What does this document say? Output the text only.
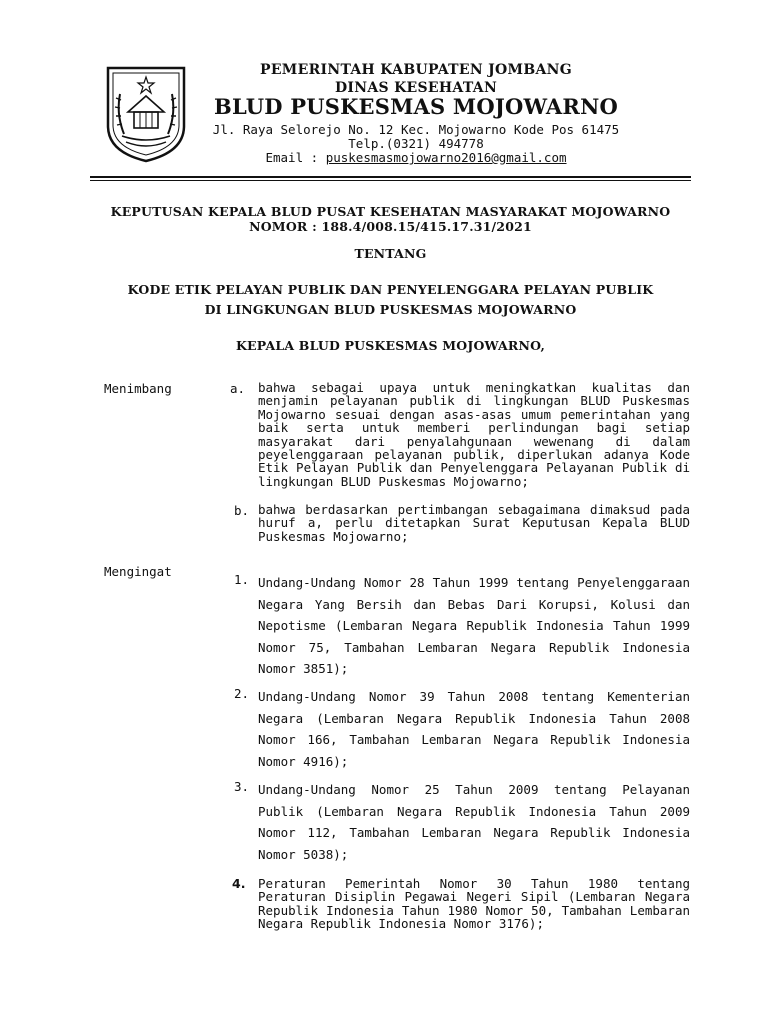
PEMERINTAH KABUPATEN JOMBANG
DINAS KESEHATAN
BLUD PUSKESMAS MOJOWARNO
Jl. Raya Selorejo No. 12 Kec. Mojowarno Kode Pos 61475
Telp.(0321) 494778
Email : puskesmasmojowarno2016@gmail.com
KEPUTUSAN KEPALA BLUD PUSAT KESEHATAN MASYARAKAT MOJOWARNO
NOMOR : 188.4/008.15/415.17.31/2021
TENTANG
KODE ETIK PELAYAN PUBLIK DAN PENYELENGGARA PELAYAN PUBLIK
DI LINGKUNGAN BLUD PUSKESMAS MOJOWARNO
KEPALA BLUD PUSKESMAS MOJOWARNO,
Menimbang	a. bahwa sebagai upaya untuk meningkatkan kualitas dan menjamin pelayanan publik di lingkungan BLUD Puskesmas Mojowarno sesuai dengan asas-asas umum pemerintahan yang baik serta untuk memberi perlindungan bagi setiap masyarakat dari penyalahgunaan wewenang di dalam peyelenggaraan pelayanan publik, diperlukan adanya Kode Etik Pelayan Publik dan Penyelenggara Pelayanan Publik di lingkungan BLUD Puskesmas Mojowarno;
b. bahwa berdasarkan pertimbangan sebagaimana dimaksud pada huruf a, perlu ditetapkan Surat Keputusan Kepala BLUD Puskesmas Mojowarno;
Mengingat
1. Undang-Undang Nomor 28 Tahun 1999 tentang Penyelenggaraan Negara Yang Bersih dan Bebas Dari Korupsi, Kolusi dan Nepotisme (Lembaran Negara Republik Indonesia Tahun 1999 Nomor 75, Tambahan Lembaran Negara Republik Indonesia Nomor 3851);
2. Undang-Undang Nomor 39 Tahun 2008 tentang Kementerian Negara (Lembaran Negara Republik Indonesia Tahun 2008 Nomor 166, Tambahan Lembaran Negara Republik Indonesia Nomor 4916);
3. Undang-Undang Nomor 25 Tahun 2009 tentang Pelayanan Publik (Lembaran Negara Republik Indonesia Tahun 2009 Nomor 112, Tambahan Lembaran Negara Republik Indonesia Nomor 5038);
4. Peraturan Pemerintah Nomor 30 Tahun 1980 tentang Peraturan Disiplin Pegawai Negeri Sipil (Lembaran Negara Republik Indonesia Tahun 1980 Nomor 50, Tambahan Lembaran Negara Republik Indonesia Nomor 3176);
